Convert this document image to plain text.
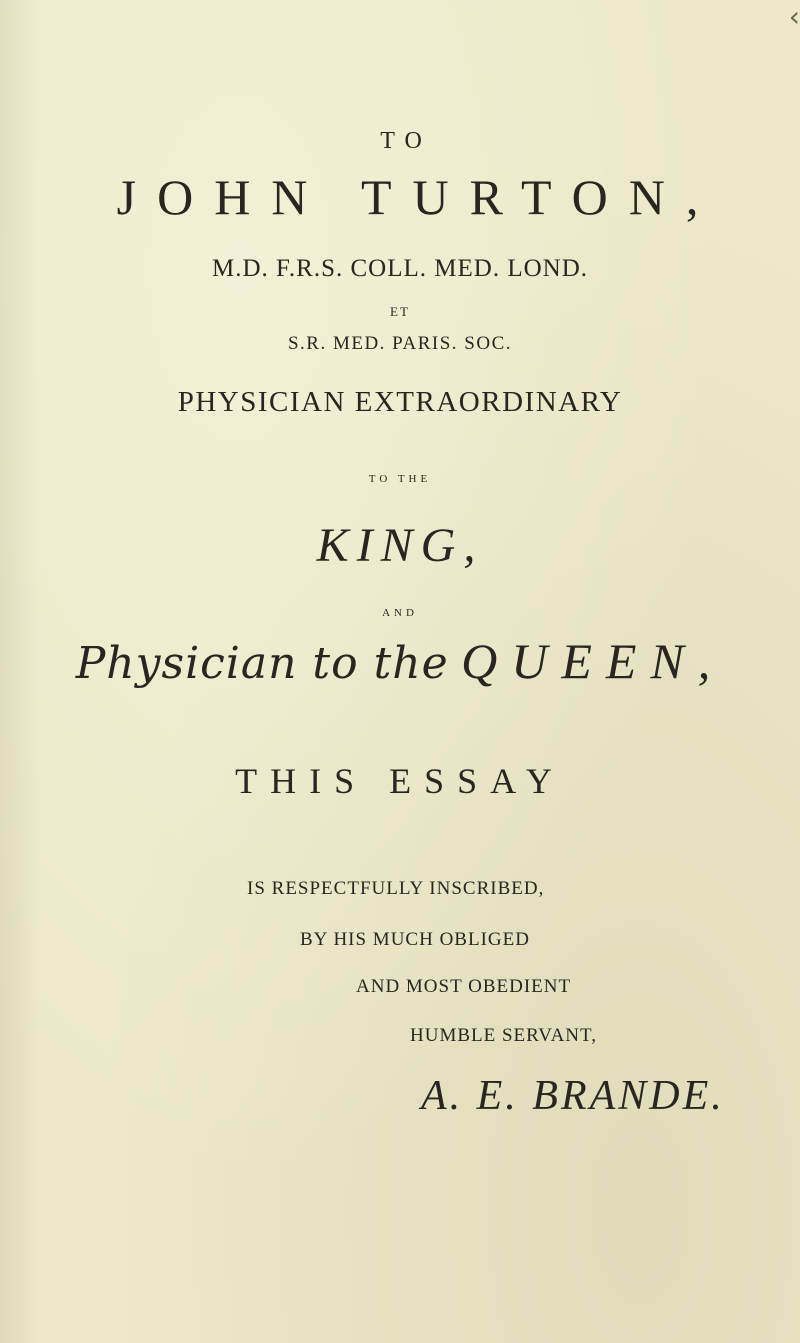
TO
JOHN TURTON,
M.D. F.R.S. COLL. MED. LOND.
ET
S.R. MED. PARIS. SOC.
PHYSICIAN EXTRAORDINARY
TO THE
KING,
AND
Physician to the QUEEN,
THIS ESSAY
IS RESPECTFULLY INSCRIBED,
BY HIS MUCH OBLIGED
AND MOST OBEDIENT
HUMBLE SERVANT,
A. E. BRANDE.
‹
